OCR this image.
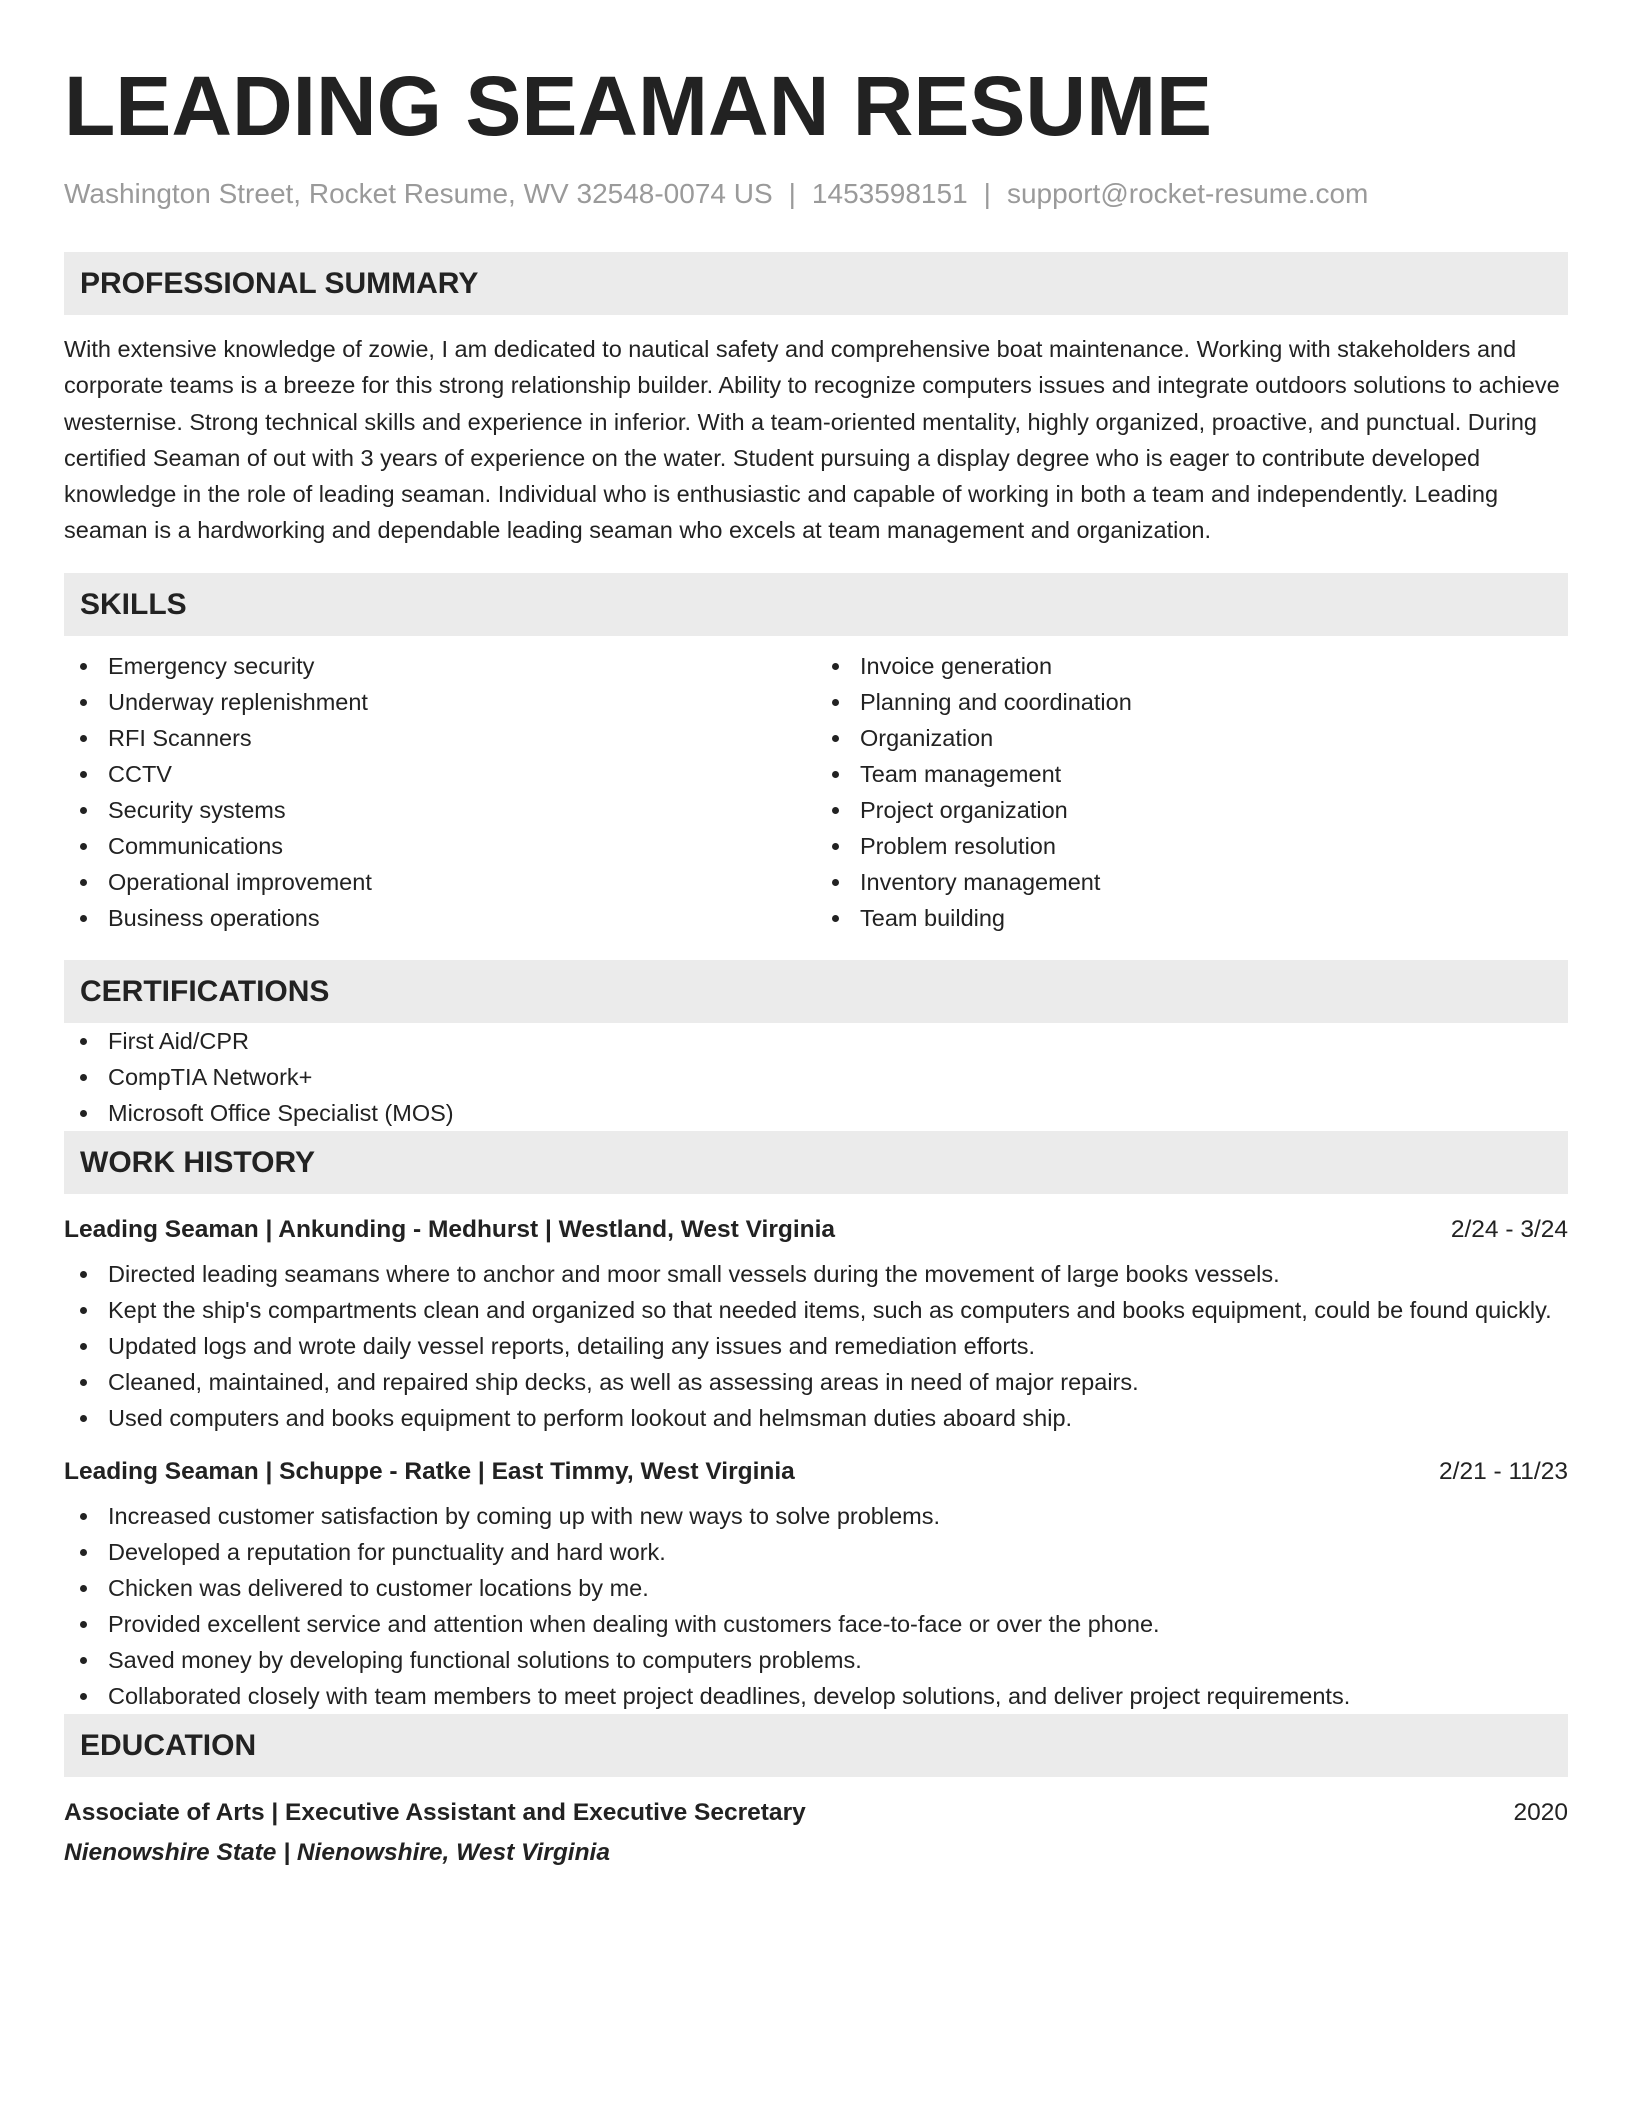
LEADING SEAMAN RESUME
Washington Street, Rocket Resume, WV 32548-0074 US | 1453598151 | support@rocket-resume.com
PROFESSIONAL SUMMARY

With extensive knowledge of zowie, I am dedicated to nautical safety and comprehensive boat maintenance. Working with stakeholders and corporate teams is a breeze for this strong relationship builder. Ability to recognize computers issues and integrate outdoors solutions to achieve westernise. Strong technical skills and experience in inferior. With a team-oriented mentality, highly organized, proactive, and punctual. During certified Seaman of out with 3 years of experience on the water. Student pursuing a display degree who is eager to contribute developed knowledge in the role of leading seaman. Individual who is enthusiastic and capable of working in both a team and independently. Leading seaman is a hardworking and dependable leading seaman who excels at team management and organization.

SKILLS
Emergency security
Underway replenishment
RFI Scanners
CCTV
Security systems
Communications
Operational improvement
Business operations
Invoice generation
Planning and coordination
Organization
Team management
Project organization
Problem resolution
Inventory management
Team building
CERTIFICATIONS
First Aid/CPR
CompTIA Network+
Microsoft Office Specialist (MOS)
WORK HISTORY
Leading Seaman | Ankunding - Medhurst | Westland, West Virginia	2/24 - 3/24
Directed leading seamans where to anchor and moor small vessels during the movement of large books vessels.
Kept the ship's compartments clean and organized so that needed items, such as computers and books equipment, could be found quickly.
Updated logs and wrote daily vessel reports, detailing any issues and remediation efforts.
Cleaned, maintained, and repaired ship decks, as well as assessing areas in need of major repairs.
Used computers and books equipment to perform lookout and helmsman duties aboard ship.
Leading Seaman | Schuppe - Ratke | East Timmy, West Virginia	2/21 - 11/23
Increased customer satisfaction by coming up with new ways to solve problems.
Developed a reputation for punctuality and hard work.
Chicken was delivered to customer locations by me.
Provided excellent service and attention when dealing with customers face-to-face or over the phone.
Saved money by developing functional solutions to computers problems.
Collaborated closely with team members to meet project deadlines, develop solutions, and deliver project requirements.
EDUCATION
Associate of Arts | Executive Assistant and Executive Secretary	2020
Nienowshire State | Nienowshire, West Virginia
